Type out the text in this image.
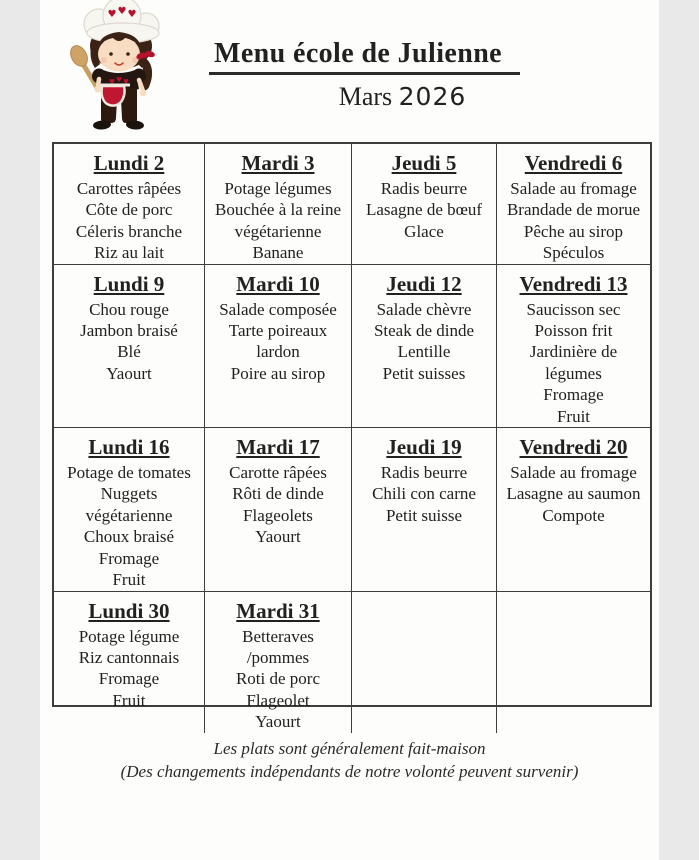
♥ ♥ ♥
♥ ♥ ♥
Menu école de Julienne
Mars 2026
Lundi 2
Carottes râpées
Côte de porc
Céleris branche
Riz au lait
Mardi 3
Potage légumes
Bouchée à la reine végétarienne
Banane
Jeudi 5
Radis beurre
Lasagne de bœuf
Glace
Vendredi 6
Salade au fromage
Brandade de morue
Pêche au sirop
Spéculos
Lundi 9
Chou rouge
Jambon braisé
Blé
Yaourt
Mardi 10
Salade composée
Tarte poireaux lardon
Poire au sirop
Jeudi 12
Salade chèvre
Steak de dinde
Lentille
Petit suisses
Vendredi 13
Saucisson sec
Poisson frit
Jardinière de légumes
Fromage
Fruit
Lundi 16
Potage de tomates
Nuggets végétarienne
Choux braisé
Fromage
Fruit
Mardi 17
Carotte râpées
Rôti de dinde
Flageolets
Yaourt
Jeudi 19
Radis beurre
Chili con carne
Petit suisse
Vendredi 20
Salade au fromage
Lasagne au saumon
Compote
Lundi 30
Potage légume
Riz cantonnais
Fromage
Fruit
Mardi 31
Betteraves /pommes
Roti de porc
Flageolet
Yaourt
Les plats sont généralement fait-maison
(Des changements indépendants de notre volonté peuvent survenir)
